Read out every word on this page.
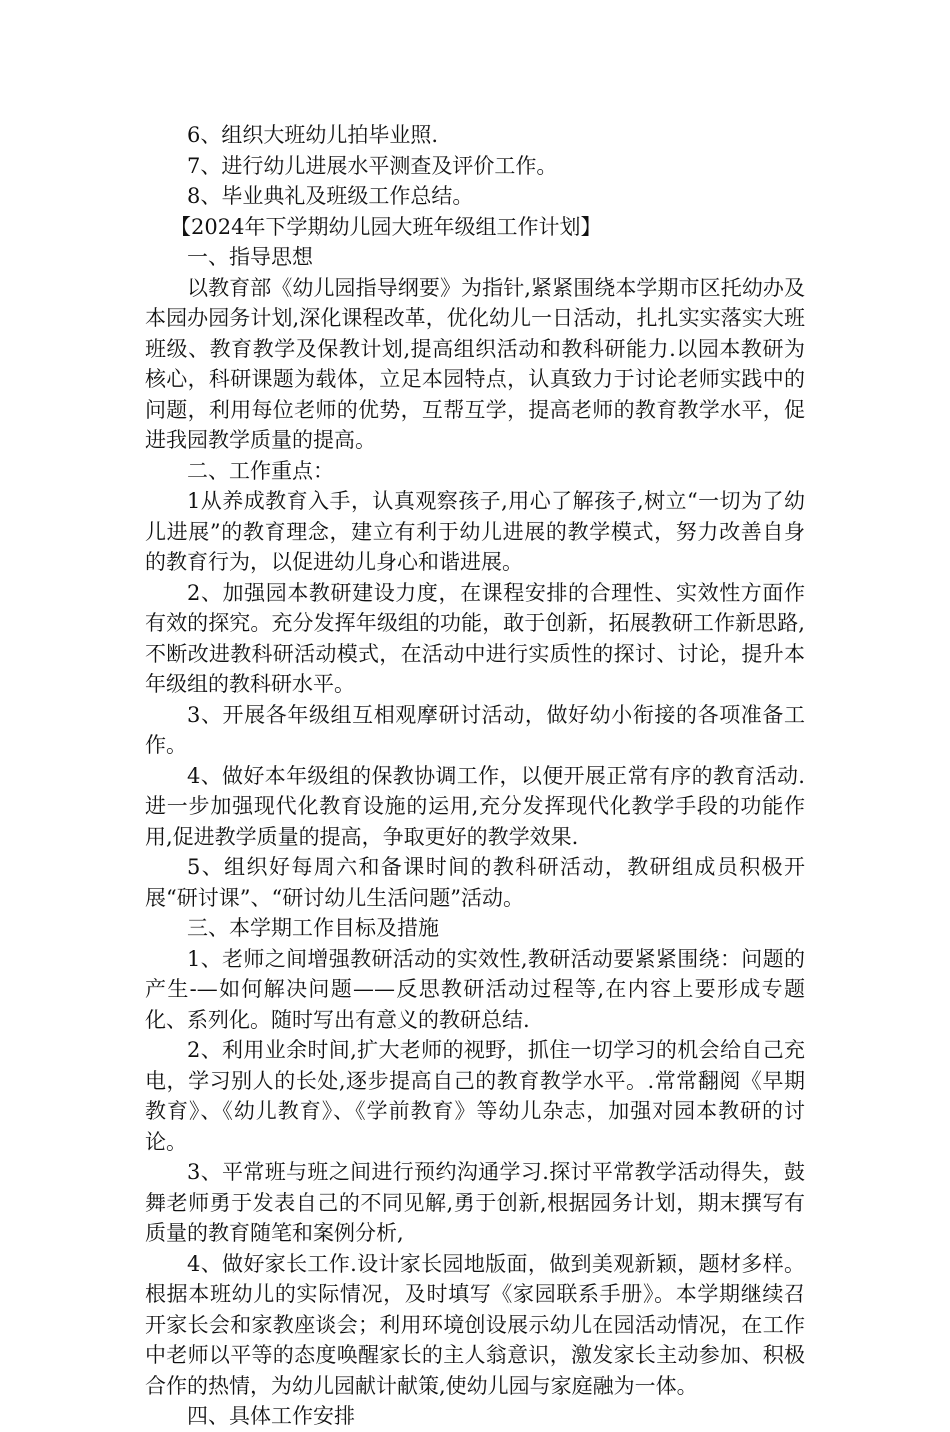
6、组织大班幼儿拍毕业照.

7、进行幼儿进展水平测查及评价工作。

8、毕业典礼及班级工作总结。

【2024年下学期幼儿园大班年级组工作计划】

一、指导思想

以教育部《幼儿园指导纲要》为指针,紧紧围绕本学期市区托幼办及本园办园务计划,深化课程改革，优化幼儿一日活动，扎扎实实落实大班班级、教育教学及保教计划,提高组织活动和教科研能力.以园本教研为核心，科研课题为载体，立足本园特点，认真致力于讨论老师实践中的问题，利用每位老师的优势，互帮互学，提高老师的教育教学水平，促进我园教学质量的提高。

二、工作重点：

1从养成教育入手，认真观察孩子,用心了解孩子,树立“一切为了幼儿进展”的教育理念，建立有利于幼儿进展的教学模式，努力改善自身的教育行为，以促进幼儿身心和谐进展。

2、加强园本教研建设力度，在课程安排的合理性、实效性方面作有效的探究。充分发挥年级组的功能，敢于创新，拓展教研工作新思路,不断改进教科研活动模式，在活动中进行实质性的探讨、讨论，提升本年级组的教科研水平。

3、开展各年级组互相观摩研讨活动，做好幼小衔接的各项准备工作。

4、做好本年级组的保教协调工作，以便开展正常有序的教育活动.进一步加强现代化教育设施的运用,充分发挥现代化教学手段的功能作用,促进教学质量的提高，争取更好的教学效果.

5、组织好每周六和备课时间的教科研活动，教研组成员积极开展“研讨课”、“研讨幼儿生活问题”活动。

三、本学期工作目标及措施

1、老师之间增强教研活动的实效性,教研活动要紧紧围绕：问题的产生-—如何解决问题——反思教研活动过程等,在内容上要形成专题化、系列化。随时写出有意义的教研总结.

2、利用业余时间,扩大老师的视野，抓住一切学习的机会给自己充电，学习别人的长处,逐步提高自己的教育教学水平。.常常翻阅《早期教育》、《幼儿教育》、《学前教育》等幼儿杂志，加强对园本教研的讨论。

3、平常班与班之间进行预约沟通学习.探讨平常教学活动得失，鼓舞老师勇于发表自己的不同见解,勇于创新,根据园务计划，期末撰写有质量的教育随笔和案例分析,

4、做好家长工作.设计家长园地版面，做到美观新颖，题材多样。根据本班幼儿的实际情况，及时填写《家园联系手册》。本学期继续召开家长会和家教座谈会；利用环境创设展示幼儿在园活动情况，在工作中老师以平等的态度唤醒家长的主人翁意识，激发家长主动参加、积极合作的热情，为幼儿园献计献策,使幼儿园与家庭融为一体。

四、具体工作安排
